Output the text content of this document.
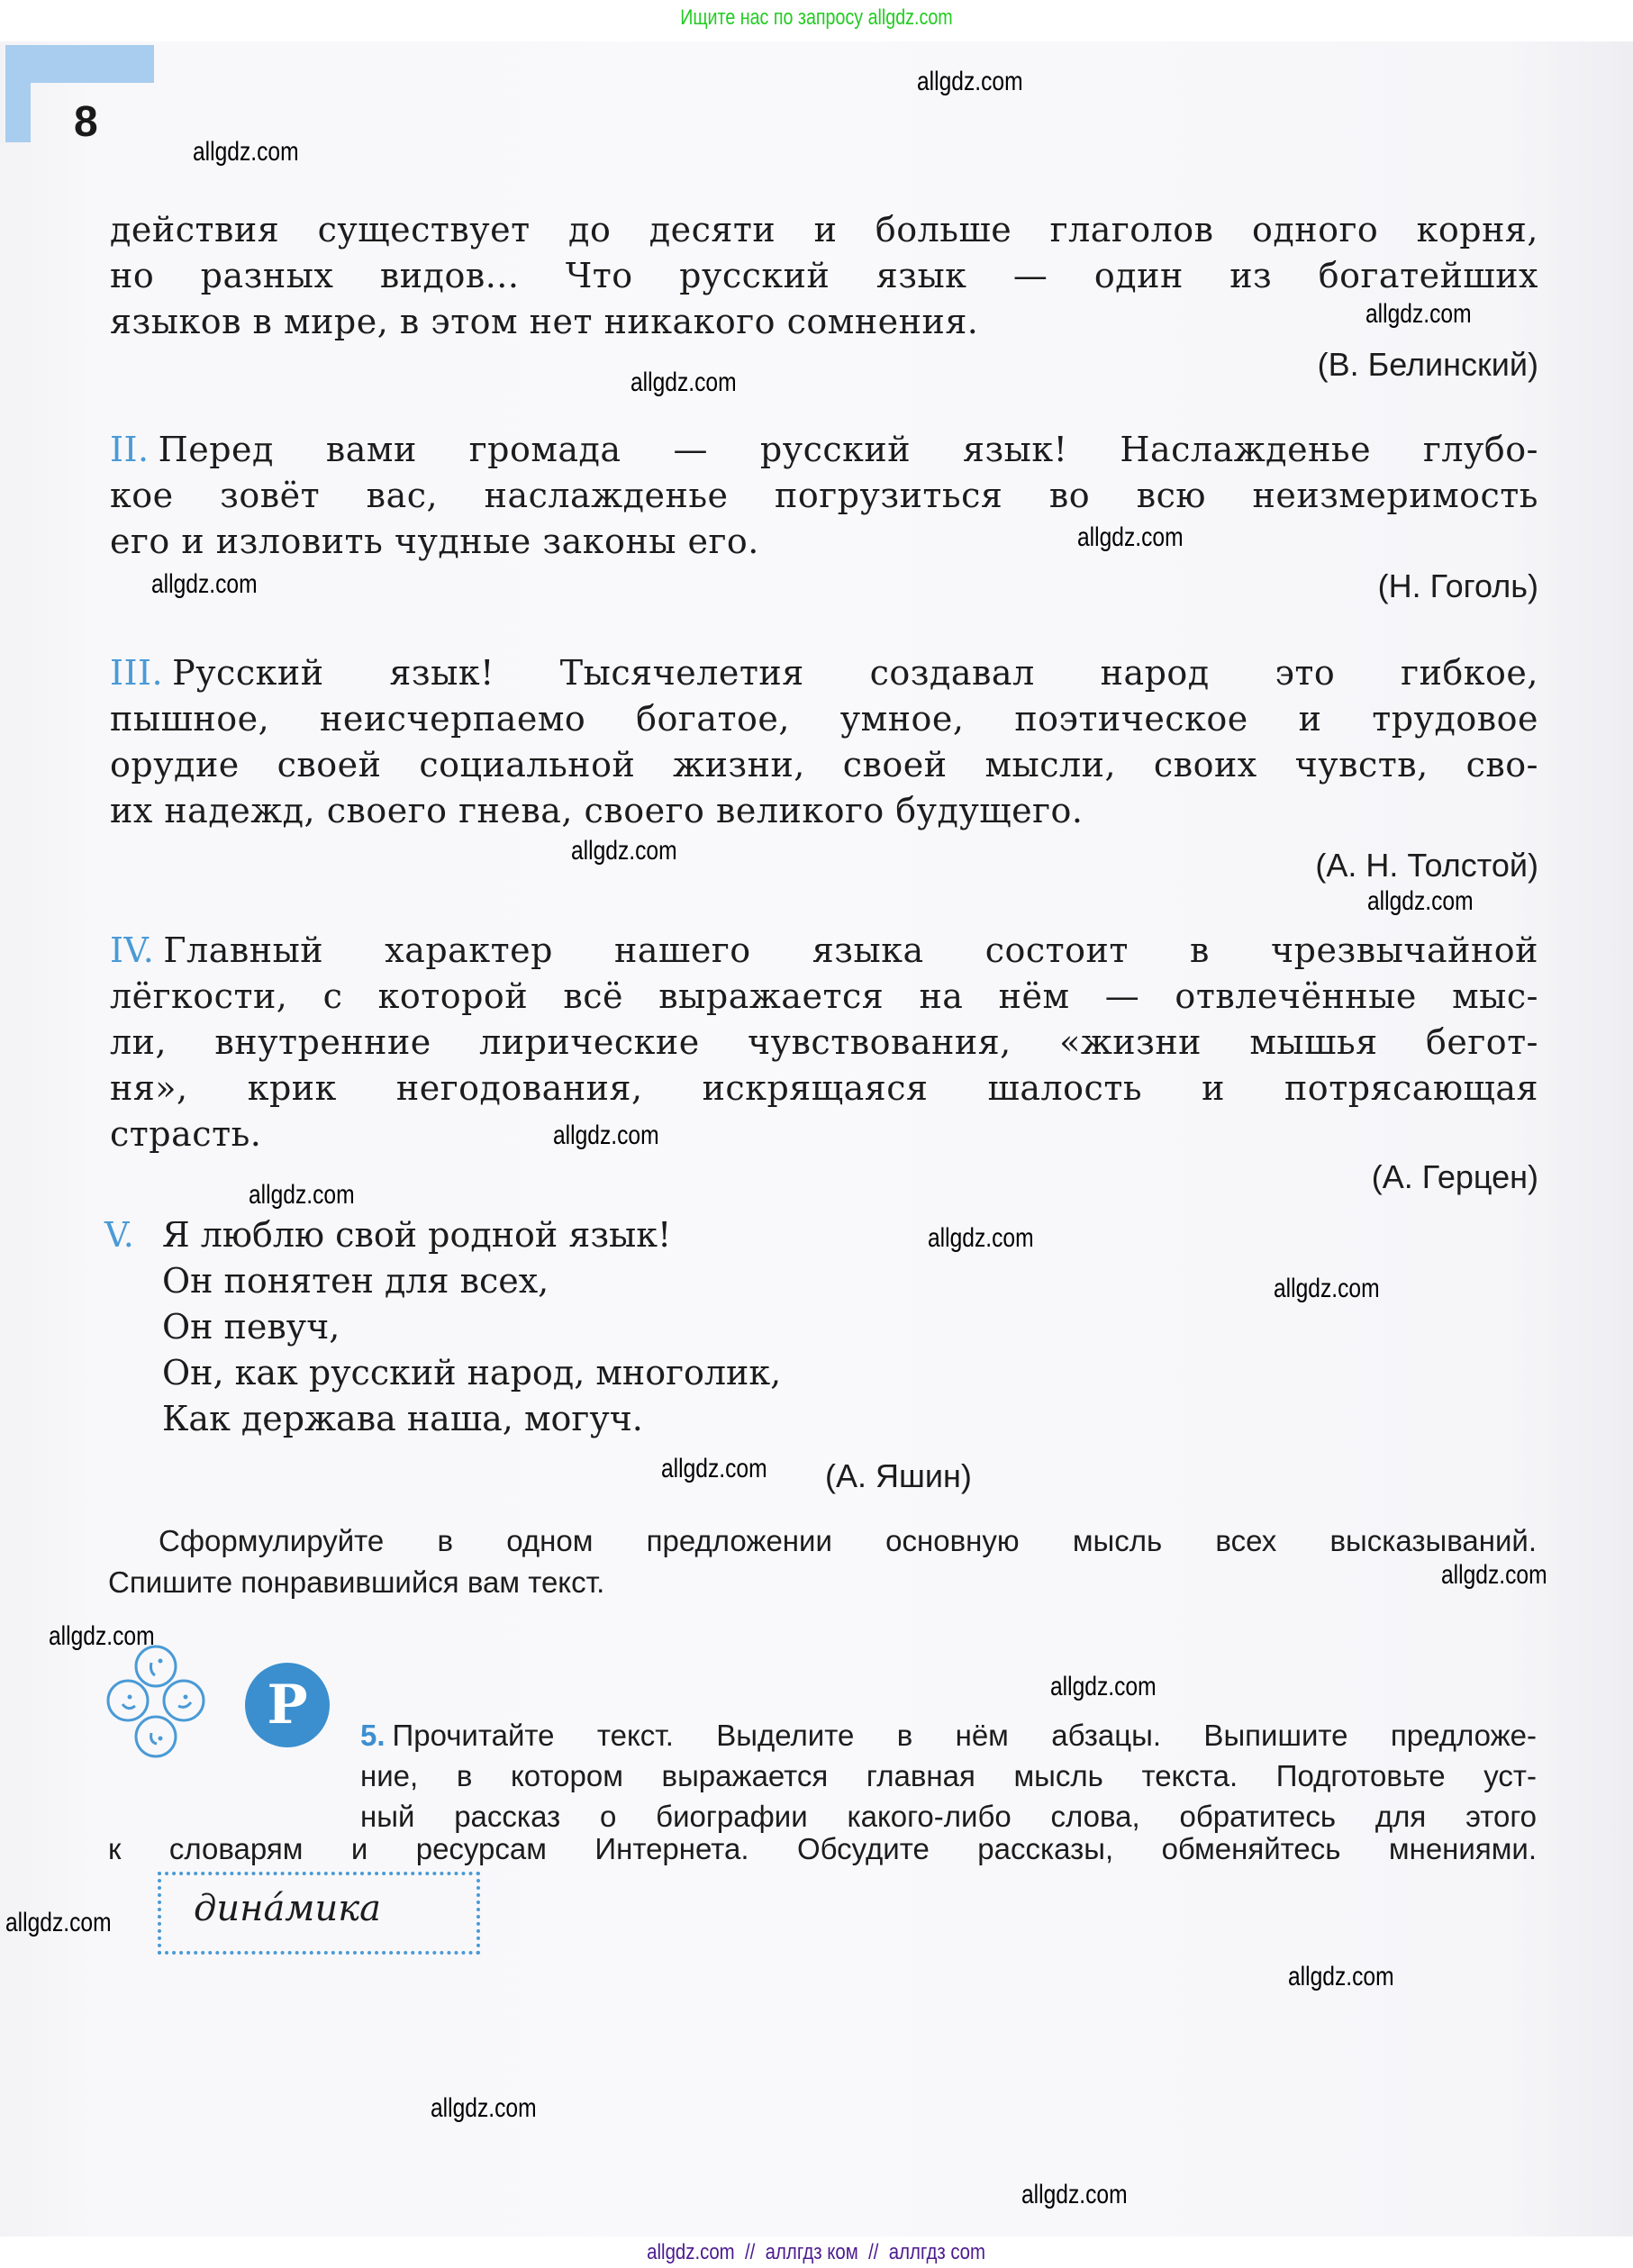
Ищите нас по запросу allgdz.com
8
allgdz.com
allgdz.com
allgdz.com
allgdz.com
allgdz.com
allgdz.com
allgdz.com
allgdz.com
allgdz.com
allgdz.com
allgdz.com
allgdz.com
allgdz.com
allgdz.com
allgdz.com
allgdz.com
allgdz.com
allgdz.com
allgdz.com
allgdz.com
действия существует до десяти и больше глаголов одного корня,
но разных видов... Что русский язык — один из богатейших
языков в мире, в этом нет никакого сомнения.
(В. Белинский)
II. Перед вами громада — русский язык! Наслажденье глубо-
кое зовёт вас, наслажденье погрузиться во всю неизмеримость
его и изловить чудные законы его.
(Н. Гоголь)
III. Русский язык! Тысячелетия создавал народ это гибкое,
пышное, неисчерпаемо богатое, умное, поэтическое и трудовое
орудие своей социальной жизни, своей мысли, своих чувств, сво-
их надежд, своего гнева, своего великого будущего.
(А. Н. Толстой)
IV. Главный характер нашего языка состоит в чрезвычайной
лёгкости, с которой всё выражается на нём — отвлечённые мыс-
ли, внутренние лирические чувствования, «жизни мышья бегот-
ня», крик негодования, искрящаяся шалость и потрясающая
страсть.
(А. Герцен)
V. Я люблю свой родной язык!
Он понятен для всех,
Он певуч,
Он, как русский народ, многолик,
Как держава наша, могуч.
(А. Яшин)
Сформулируйте в одном предложении основную мысль всех высказываний.
Спишите понравившийся вам текст.
Р	5. Прочитайте текст. Выделите в нём абзацы. Выпишите предложе-
ние, в котором выражается главная мысль текста. Подготовьте уст-
ный рассказ о биографии какого-либо слова, обратитесь для этого
к словарям и ресурсам Интернета. Обсудите рассказы, обменяйтесь мнениями.
дина́мика
allgdz.com  //  аллгдз ком  //  аллгдз com
